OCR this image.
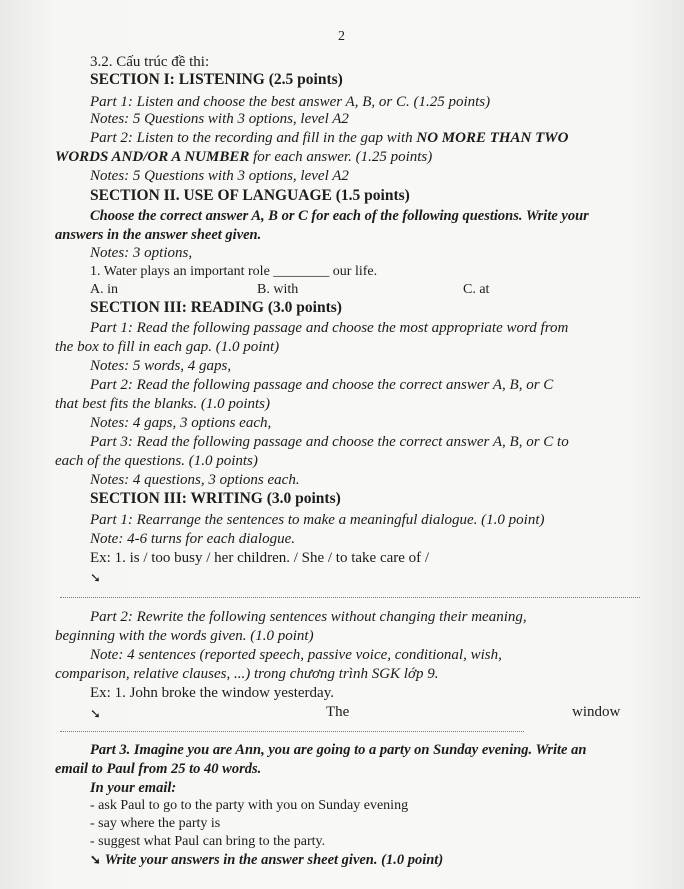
2
3.2. Cấu trúc đề thi:
SECTION I: LISTENING (2.5 points)
Part 1: Listen and choose the best answer A, B, or C. (1.25 points)
Notes: 5 Questions with 3 options, level A2
Part 2: Listen to the recording and fill in the gap with NO MORE THAN TWO
WORDS AND/OR A NUMBER for each answer. (1.25 points)
Notes: 5 Questions with 3 options, level A2
SECTION II. USE OF LANGUAGE (1.5 points)
Choose the correct answer A, B or C for each of the following questions. Write your
answers in the answer sheet given.
Notes: 3 options,
1. Water plays an important role ________ our life.
A. in	B. with	C. at
SECTION III: READING (3.0 points)
Part 1: Read the following passage and choose the most appropriate word from
the box to fill in each gap. (1.0 point)
Notes: 5 words, 4 gaps,
Part 2: Read the following passage and choose the correct answer A, B, or C
that best fits the blanks. (1.0 points)
Notes: 4 gaps, 3 options each,
Part 3: Read the following passage and choose the correct answer A, B, or C to
each of the questions. (1.0 points)
Notes: 4 questions, 3 options each.
SECTION III: WRITING (3.0 points)
Part 1: Rearrange the sentences to make a meaningful dialogue. (1.0 point)
Note: 4-6 turns for each dialogue.
Ex: 1. is / too busy / her children. / She / to take care of /
➘
Part 2: Rewrite the following sentences without changing their meaning,
beginning with the words given. (1.0 point)
Note: 4 sentences (reported speech, passive voice, conditional, wish,
comparison, relative clauses, ...) trong chương trình SGK lớp 9.
Ex: 1. John broke the window yesterday.
➘	The	window
Part 3. Imagine you are Ann, you are going to a party on Sunday evening. Write an
email to Paul from 25 to 40 words.
In your email:
- ask Paul to go to the party with you on Sunday evening
- say where the party is
- suggest what Paul can bring to the party.
➘ Write your answers in the answer sheet given. (1.0 point)
